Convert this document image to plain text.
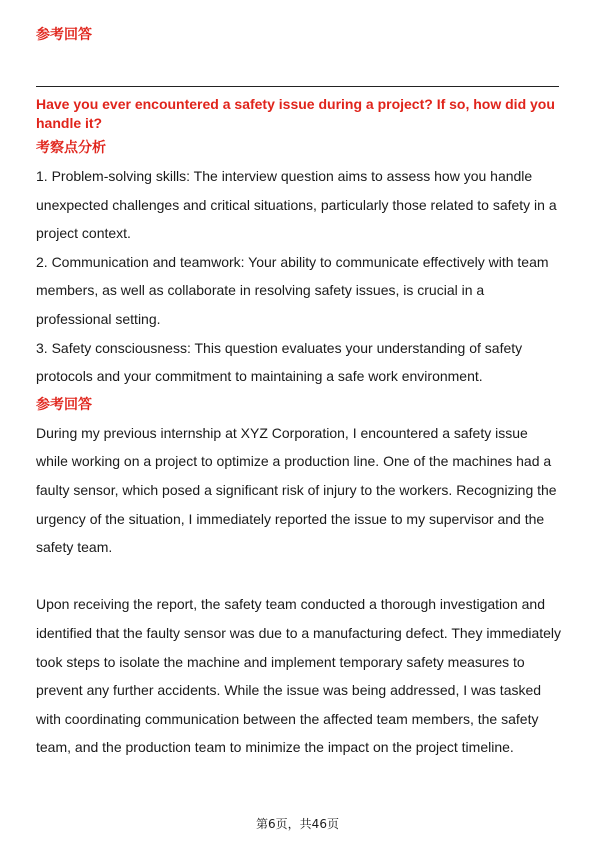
参考回答

Have you ever encountered a safety issue during a project? If so, how did you handle it?

考察点分析

1. Problem-solving skills: The interview question aims to assess how you handle unexpected challenges and critical situations, particularly those related to safety in a project context.

2. Communication and teamwork: Your ability to communicate effectively with team members, as well as collaborate in resolving safety issues, is crucial in a professional setting.

3. Safety consciousness: This question evaluates your understanding of safety protocols and your commitment to maintaining a safe work environment.

参考回答

During my previous internship at XYZ Corporation, I encountered a safety issue while working on a project to optimize a production line. One of the machines had a faulty sensor, which posed a significant risk of injury to the workers. Recognizing the urgency of the situation, I immediately reported the issue to my supervisor and the safety team.

Upon receiving the report, the safety team conducted a thorough investigation and identified that the faulty sensor was due to a manufacturing defect. They immediately took steps to isolate the machine and implement temporary safety measures to prevent any further accidents. While the issue was being addressed, I was tasked with coordinating communication between the affected team members, the safety team, and the production team to minimize the impact on the project timeline.

第6页，共46页
